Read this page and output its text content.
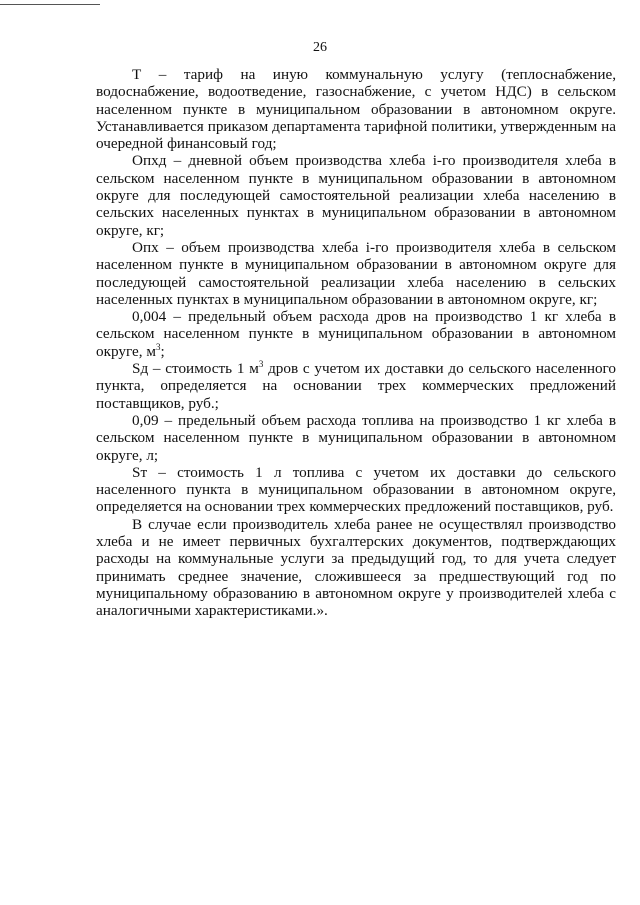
26

Т – тариф на иную коммунальную услугу (теплоснабжение, водоснабжение, водоотведение, газоснабжение, с учетом НДС) в сельском населенном пункте в муниципальном образовании в автономном округе. Устанавливается приказом департамента тарифной политики, утвержденным на очередной финансовый год;

Опхд – дневной объем производства хлеба i-го производителя хлеба в сельском населенном пункте в муниципальном образовании в автономном округе для последующей самостоятельной реализации хлеба населению в сельских населенных пунктах в муниципальном образовании в автономном округе, кг;

Опх – объем производства хлеба i-го производителя хлеба в сельском населенном пункте в муниципальном образовании в автономном округе для последующей самостоятельной реализации хлеба населению в сельских населенных пунктах в муниципальном образовании в автономном округе, кг;

0,004 – предельный объем расхода дров на производство 1 кг хлеба в сельском населенном пункте в муниципальном образовании в автономном округе, $м^3$;

Sд – стоимость 1 $м^3$ дров с учетом их доставки до сельского населенного пункта, определяется на основании трех коммерческих предложений поставщиков, руб.;

0,09 – предельный объем расхода топлива на производство 1 кг хлеба в сельском населенном пункте в муниципальном образовании в автономном округе, л;

Sт – стоимость 1 л топлива с учетом их доставки до сельского населенного пункта в муниципальном образовании в автономном округе, определяется на основании трех коммерческих предложений поставщиков, руб.

В случае если производитель хлеба ранее не осуществлял производство хлеба и не имеет первичных бухгалтерских документов, подтверждающих расходы на коммунальные услуги за предыдущий год, то для учета следует принимать среднее значение, сложившееся за предшествующий год по муниципальному образованию в автономном округе у производителей хлеба с аналогичными характеристиками.».
